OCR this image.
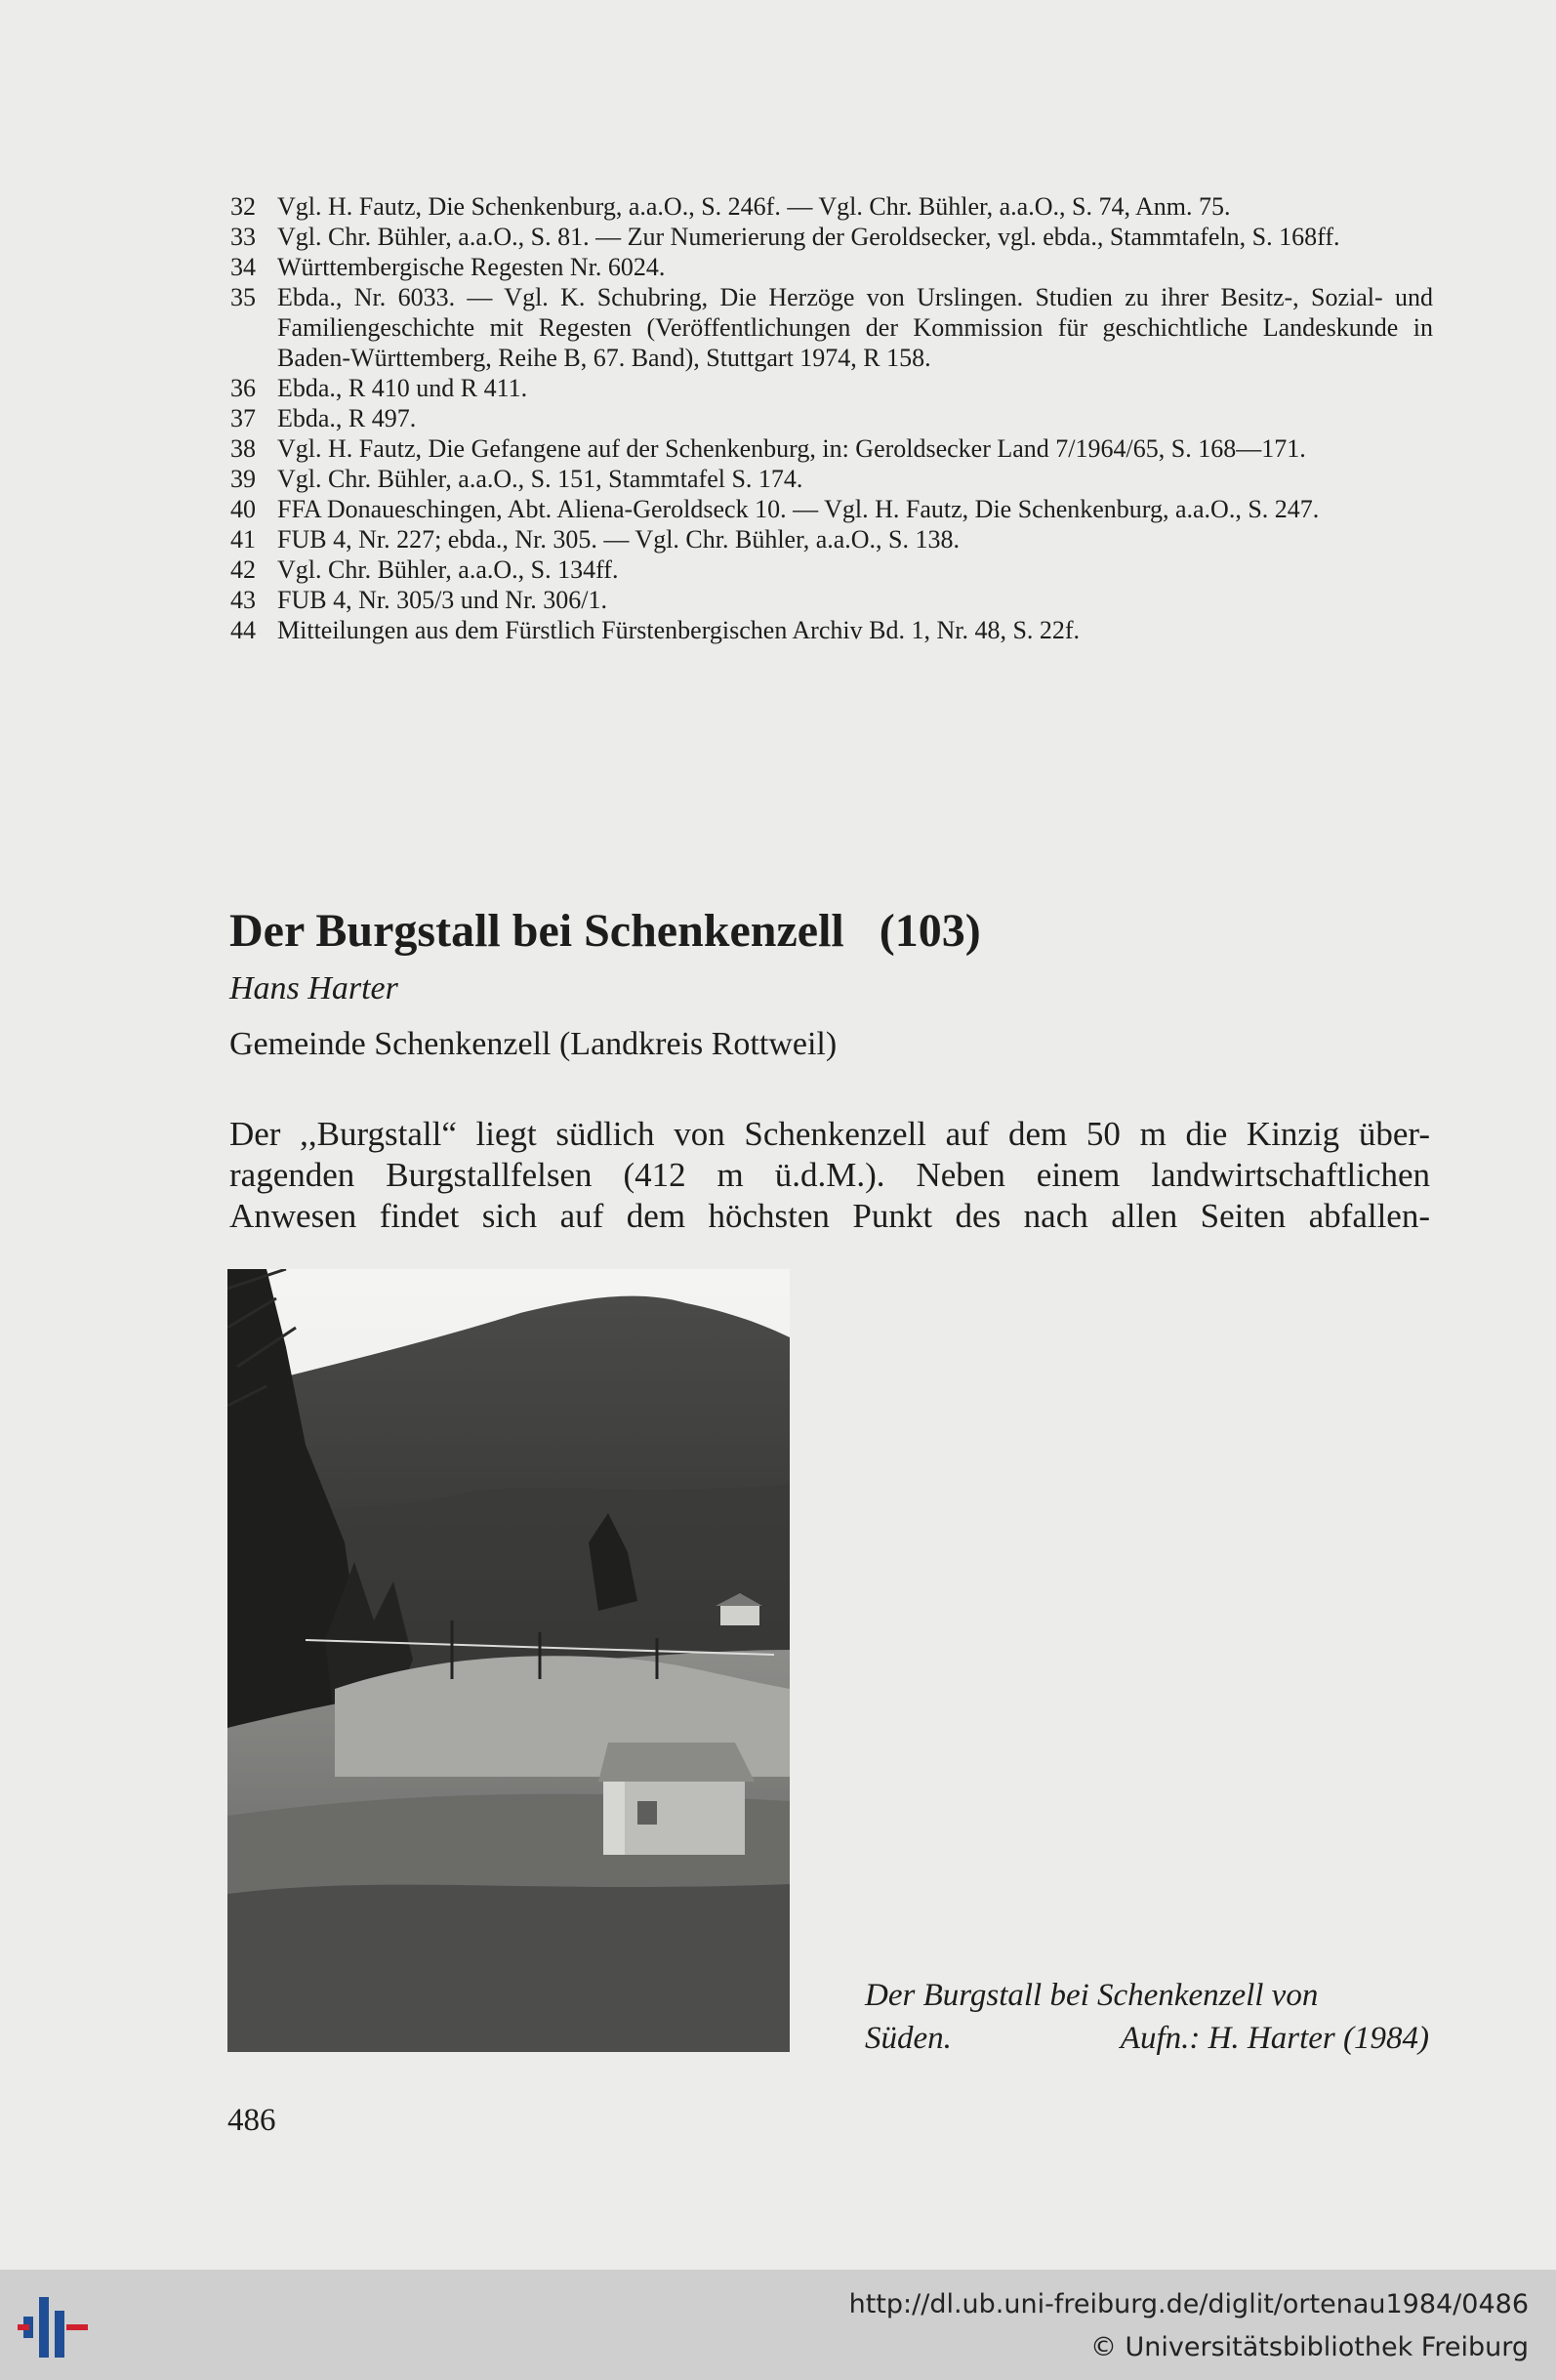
32 Vgl. H. Fautz, Die Schenkenburg, a.a.O., S. 246f. — Vgl. Chr. Bühler, a.a.O., S. 74, Anm. 75.
33 Vgl. Chr. Bühler, a.a.O., S. 81. — Zur Numerierung der Geroldsecker, vgl. ebda., Stammtafeln, S. 168ff.
34 Württembergische Regesten Nr. 6024.
35 Ebda., Nr. 6033. — Vgl. K. Schubring, Die Herzöge von Urslingen. Studien zu ihrer Besitz-, Sozial- und Familiengeschichte mit Regesten (Veröffentlichungen der Kommission für geschichtliche Landeskunde in Baden-Württemberg, Reihe B, 67. Band), Stuttgart 1974, R 158.
36 Ebda., R 410 und R 411.
37 Ebda., R 497.
38 Vgl. H. Fautz, Die Gefangene auf der Schenkenburg, in: Geroldsecker Land 7/1964/65, S. 168—171.
39 Vgl. Chr. Bühler, a.a.O., S. 151, Stammtafel S. 174.
40 FFA Donaueschingen, Abt. Aliena-Geroldseck 10. — Vgl. H. Fautz, Die Schenkenburg, a.a.O., S. 247.
41 FUB 4, Nr. 227; ebda., Nr. 305. — Vgl. Chr. Bühler, a.a.O., S. 138.
42 Vgl. Chr. Bühler, a.a.O., S. 134ff.
43 FUB 4, Nr. 305/3 und Nr. 306/1.
44 Mitteilungen aus dem Fürstlich Fürstenbergischen Archiv Bd. 1, Nr. 48, S. 22f.
Der Burgstall bei Schenkenzell (103)
Hans Harter
Gemeinde Schenkenzell (Landkreis Rottweil)
Der ,,Burgstall“ liegt südlich von Schenkenzell auf dem 50 m die Kinzig über-
ragenden Burgstallfelsen (412 m ü.d.M.). Neben einem landwirtschaftlichen
Anwesen findet sich auf dem höchsten Punkt des nach allen Seiten abfallen-
Der Burgstall bei Schenkenzell von
Süden.	Aufn.: H. Harter (1984)
486
http://dl.ub.uni-freiburg.de/diglit/ortenau1984/0486
© Universitätsbibliothek Freiburg
